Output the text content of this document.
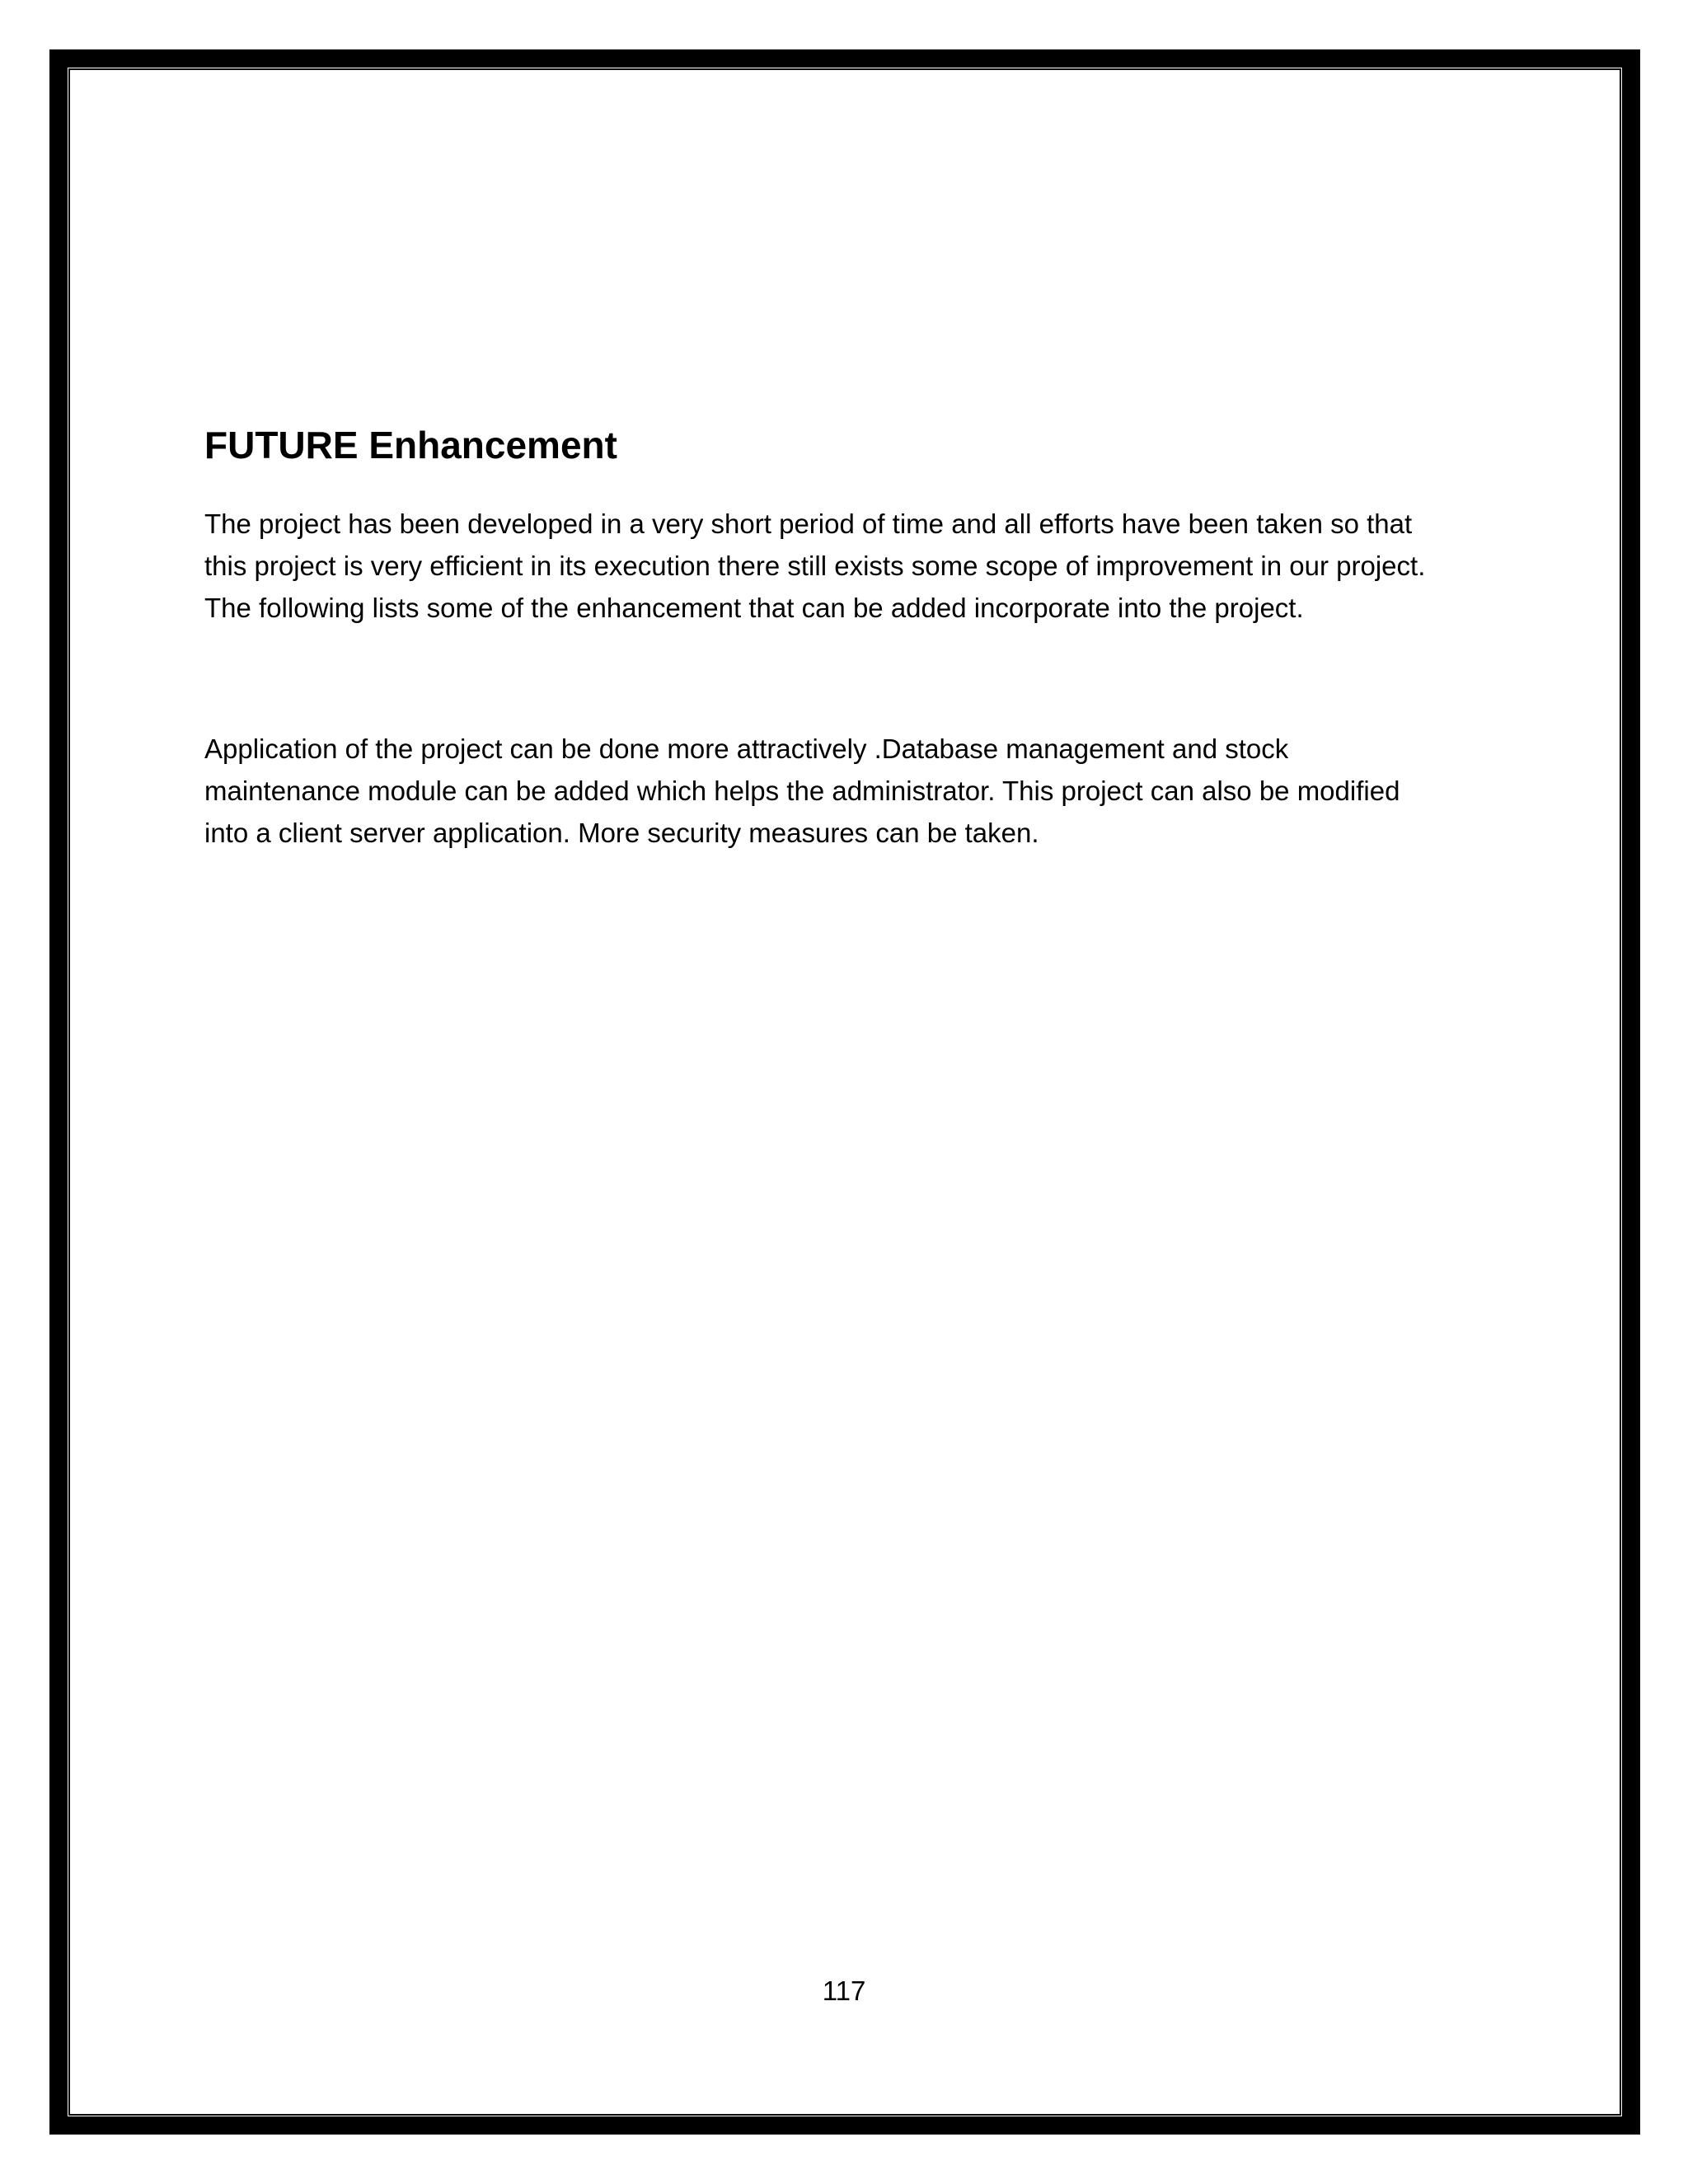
FUTURE Enhancement

The project has been developed in a very short period of time and all efforts have been taken so that
this project is very efficient in its execution there still exists some scope of improvement in our project.
The following lists some of the enhancement that can be added incorporate into the project.

Application of the project can be done more attractively .Database management and stock
maintenance module can be added which helps the administrator. This project can also be modified
into a client server application. More security measures can be taken.

117
